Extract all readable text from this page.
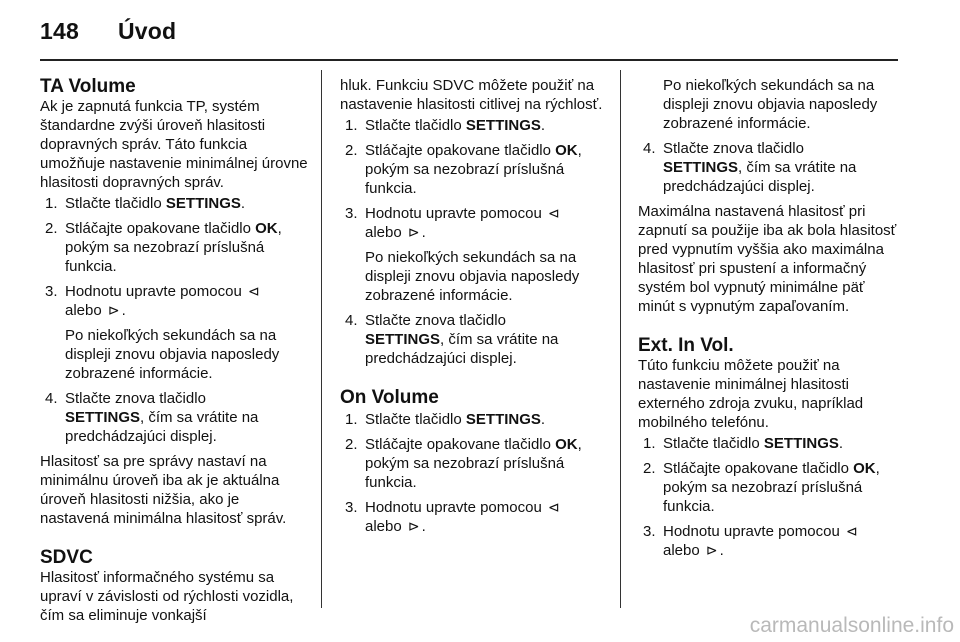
148	Úvod
TA Volume

Ak je zapnutá funkcia TP, systém štandardne zvýši úroveň hlasitosti dopravných správ. Táto funkcia umožňuje nastavenie minimálnej úrovne hlasitosti dopravných správ.

1. Stlačte tlačidlo SETTINGS.
2. Stláčajte opakovane tlačidlo OK, pokým sa nezobrazí príslušná funkcia.
3. Hodnotu upravte pomocou ⊲
alebo ⊳ .

Po niekoľkých sekundách sa na displeji znovu objavia naposledy zobrazené informácie.

4. Stlačte znova tlačidlo
SETTINGS, čím sa vrátite na predchádzajúci displej.

Hlasitosť sa pre správy nastaví na minimálnu úroveň iba ak je aktuálna úroveň hlasitosti nižšia, ako je nastavená minimálna hlasitosť správ.

SDVC

Hlasitosť informačného systému sa upraví v závislosti od rýchlosti vozidla, čím sa eliminuje vonkajší

hluk. Funkciu SDVC môžete použiť na nastavenie hlasitosti citlivej na rýchlosť.

1. Stlačte tlačidlo SETTINGS.
2. Stláčajte opakovane tlačidlo OK, pokým sa nezobrazí príslušná funkcia.
3. Hodnotu upravte pomocou ⊲
alebo ⊳ .

Po niekoľkých sekundách sa na displeji znovu objavia naposledy zobrazené informácie.

4. Stlačte znova tlačidlo
SETTINGS, čím sa vrátite na predchádzajúci displej.
On Volume
1. Stlačte tlačidlo SETTINGS.
2. Stláčajte opakovane tlačidlo OK, pokým sa nezobrazí príslušná funkcia.
3. Hodnotu upravte pomocou ⊲
alebo ⊳ .

Po niekoľkých sekundách sa na displeji znovu objavia naposledy zobrazené informácie.

4. Stlačte znova tlačidlo
SETTINGS, čím sa vrátite na predchádzajúci displej.

Maximálna nastavená hlasitosť pri zapnutí sa použije iba ak bola hlasitosť pred vypnutím vyššia ako maximálna hlasitosť pri spustení a informačný systém bol vypnutý minimálne päť minút s vypnutým zapaľovaním.

Ext. In Vol.

Túto funkciu môžete použiť na nastavenie minimálnej hlasitosti externého zdroja zvuku, napríklad mobilného telefónu.

1. Stlačte tlačidlo SETTINGS.
2. Stláčajte opakovane tlačidlo OK, pokým sa nezobrazí príslušná funkcia.
3. Hodnotu upravte pomocou ⊲
alebo ⊳ .
carmanualsonline.info
